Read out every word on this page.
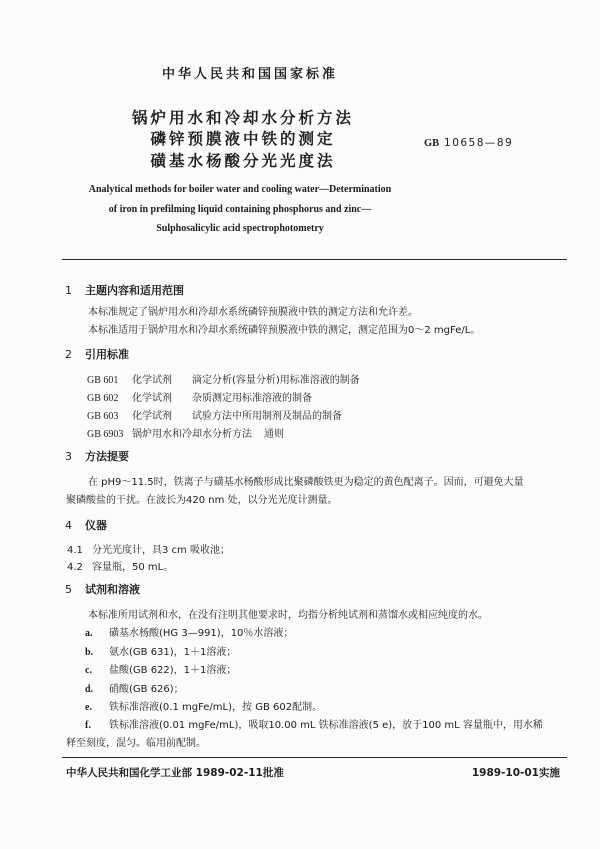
中华人民共和国国家标准
锅炉用水和冷却水分析方法
磷锌预膜液中铁的测定
磺基水杨酸分光光度法
GB 10658—89
Analytical methods for boiler water and cooling water—Determination
of iron in prefilming liquid containing phosphorus and zinc—
Sulphosalicylic acid spectrophotometry
1 主题内容和适用范围
本标准规定了锅炉用水和冷却水系统磷锌预膜液中铁的测定方法和允许差。
本标准适用于锅炉用水和冷却水系统磷锌预膜液中铁的测定，测定范围为0～2 mgFe/L。
2 引用标准
GB 601 化学试剂 滴定分析(容量分析)用标准溶液的制备
GB 602 化学试剂 杂质测定用标准溶液的制备
GB 603 化学试剂 试验方法中所用制剂及制品的制备
GB 6903 锅炉用水和冷却水分析方法 通则
3 方法提要
在 pH9～11.5时，铁离子与磺基水杨酸形成比聚磷酸铁更为稳定的黄色配离子。因而，可避免大量
聚磷酸盐的干扰。在波长为420 nm 处，以分光光度计测量。
4 仪器
4.1 分光光度计，具3 cm 吸收池；
4.2 容量瓶，50 mL。
5 试剂和溶液
本标准所用试剂和水，在没有注明其他要求时，均指分析纯试剂和蒸馏水或相应纯度的水。
a. 磺基水杨酸(HG 3—991)，10％水溶液；
b. 氨水(GB 631)，1＋1溶液；
c. 盐酸(GB 622)，1＋1溶液；
d. 硝酸(GB 626)；
e. 铁标准溶液(0.1 mgFe/mL)，按 GB 602配制。
f. 铁标准溶液(0.01 mgFe/mL)，吸取10.00 mL 铁标准溶液(5 e)，放于100 mL 容量瓶中，用水稀
释至刻度，混匀。临用前配制。
中华人民共和国化学工业部 1989-02-11批准	1989-10-01实施
